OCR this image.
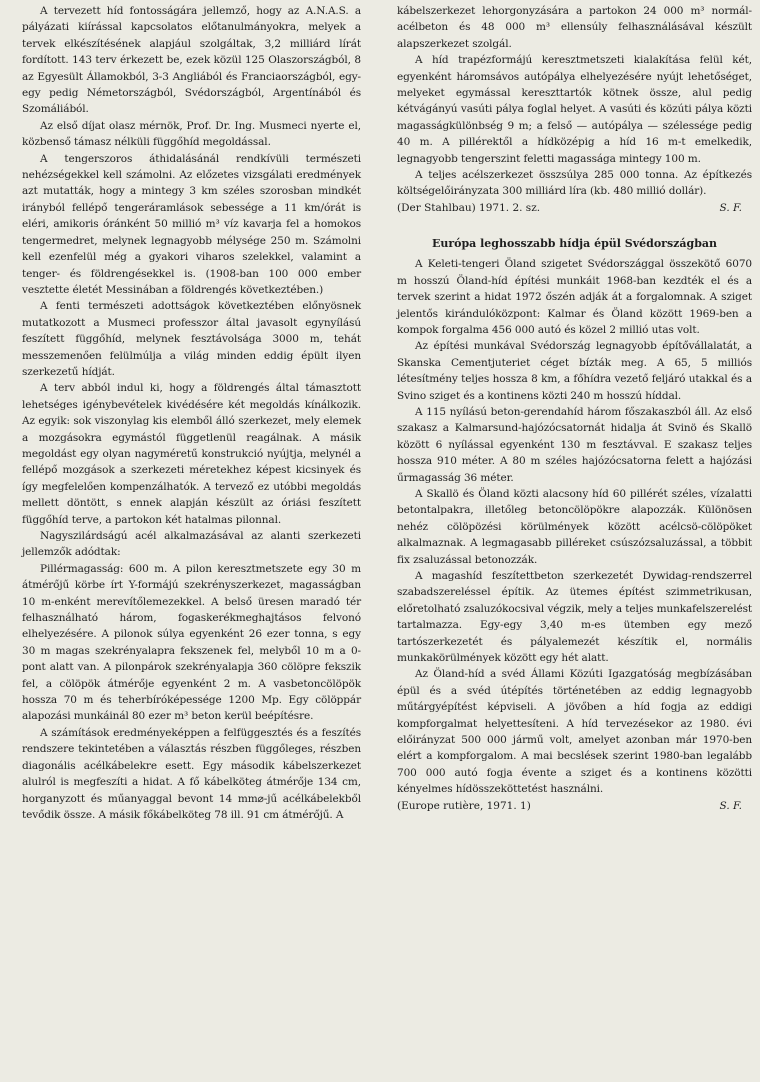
A tervezett híd fontosságára jellemző, hogy az A.N.A.S. a pályázati kiírással kapcsolatos előtanulmányokra, melyek a tervek elkészítésének alapjául szolgáltak, 3,2 milliárd lírát fordított. 143 terv érkezett be, ezek közül 125 Olaszországból, 8 az Egyesült Államokból, 3-3 Angliából és Franciaországból, egy-egy pedig Németországból, Svédországból, Argentínából és Szomáliából.

Az első díjat olasz mérnök, Prof. Dr. Ing. Musmeci nyerte el, közbenső támasz nélküli függőhíd megoldással.

A tengerszoros áthidalásánál rendkívüli természeti nehézségekkel kell számolni. Az előzetes vizsgálati eredmények azt mutatták, hogy a mintegy 3 km széles szorosban mindkét irányból fellépő tengeráramlások sebessége a 11 km/órát is eléri, amikoris óránként 50 millió m³ víz kavarja fel a homokos tengermedret, melynek legnagyobb mélysége 250 m. Számolni kell ezenfelül még a gyakori viharos szelekkel, valamint a tenger- és földrengésekkel is. (1908-ban 100 000 ember vesztette életét Messinában a földrengés következtében.)

A fenti természeti adottságok következtében előnyösnek mutatkozott a Musmeci professzor által javasolt egynyílású feszített függőhíd, melynek fesztávolsága 3000 m, tehát messzemenően felülmúlja a világ minden eddig épült ilyen szerkezetű hídját.

A terv abból indul ki, hogy a földrengés által támasztott lehetséges igénybevételek kivédésére két megoldás kínálkozik. Az egyik: sok viszonylag kis elemből álló szerkezet, mely elemek a mozgásokra egymástól függetlenül reagálnak. A másik megoldást egy olyan nagyméretű konstrukció nyújtja, melynél a fellépő mozgások a szerkezeti méretekhez képest kicsinyek és így megfelelően kompenzálhatók. A tervező ez utóbbi megoldás mellett döntött, s ennek alapján készült az óriási feszített függőhíd terve, a partokon két hatalmas pilonnal.

Nagyszilárdságú acél alkalmazásával az alanti szerkezeti jellemzők adódtak:

Pillérmagasság: 600 m. A pilon keresztmetszete egy 30 m átmérőjű körbe írt Y-formájú szekrényszerkezet, magasságban 10 m-enként merevítőlemezekkel. A belső üresen maradó tér felhasználható három, fogaskerékmeghajtásos felvonó elhelyezésére. A pilonok súlya egyenként 26 ezer tonna, s egy 30 m magas szekrényalapra fekszenek fel, melyből 10 m a 0-pont alatt van. A pilonpárok szekrényalapja 360 cölöpre fekszik fel, a cölöpök átmérője egyenként 2 m. A vasbetoncölöpök hossza 70 m és teherbíróképessége 1200 Mp. Egy cölöppár alapozási munkáinál 80 ezer m³ beton kerül beépítésre.

A számítások eredményeképpen a felfüggesztés és a feszítés rendszere tekintetében a választás részben függőleges, részben diagonális acélkábelekre esett. Egy második kábelszerkezet alulról is megfeszíti a hidat. A fő kábelköteg átmérője 134 cm, horganyzott és műanyaggal bevont 14 mm⌀-jű acélkábelekből tevődik össze. A másik főkábelköteg 78 ill. 91 cm átmérőjű. A

kábelszerkezet lehorgonyzására a partokon 24 000 m³ normál-acélbeton és 48 000 m³ ellensúly felhasználásával készült alapszerkezet szolgál.

A híd trapézformájú keresztmetszeti kialakítása felül két, egyenként háromsávos autópálya elhelyezésére nyújt lehetőséget, melyeket egymással kereszttartók kötnek össze, alul pedig kétvágányú vasúti pálya foglal helyet. A vasúti és közúti pálya közti magasságkülönbség 9 m; a felső — autópálya — szélessége pedig 40 m. A pillérektől a hídközépig a híd 16 m-t emelkedik, legnagyobb tengerszint feletti magassága mintegy 100 m.

A teljes acélszerkezet összsúlya 285 000 tonna. Az építkezés költségelőirányzata 300 milliárd líra (kb. 480 millió dollár).

(Der Stahlbau) 1971. 2. sz.	S. F.
Európa leghosszabb hídja épül Svédországban

A Keleti-tengeri Öland szigetet Svédországgal összekötő 6070 m hosszú Öland-híd építési munkáit 1968-ban kezdték el és a tervek szerint a hidat 1972 őszén adják át a forgalomnak. A sziget jelentős kirándulóközpont: Kalmar és Öland között 1969-ben a kompok forgalma 456 000 autó és közel 2 millió utas volt.

Az építési munkával Svédország legnagyobb építővállalatát, a Skanska Cementjuteriet céget bízták meg. A 65, 5 milliós létesítmény teljes hossza 8 km, a főhídra vezető feljáró utakkal és a Svino sziget és a kontinens közti 240 m hosszú híddal.

A 115 nyílású beton-gerendahíd három főszakaszból áll. Az első szakasz a Kalmarsund-hajózócsatornát hidalja át Svinö és Skallö között 6 nyílással egyenként 130 m fesztávval. E szakasz teljes hossza 910 méter. A 80 m széles hajózócsatorna felett a hajózási űrmagasság 36 méter.

A Skallö és Öland közti alacsony híd 60 pillérét széles, vízalatti betontalpakra, illetőleg betoncölöpökre alapozzák. Különösen nehéz cölöpözési körülmények között acélcsö-cölöpöket alkalmaznak. A legmagasabb pilléreket csúszózsaluzással, a többit fix zsaluzással betonozzák.

A magashíd feszítettbeton szerkezetét Dywidag-rendszerrel szabadszereléssel építik. Az ütemes építést szimmetrikusan, előretolható zsaluzókocsival végzik, mely a teljes munkafelszerelést tartalmazza. Egy-egy 3,40 m-es ütemben egy mező tartószerkezetét és pályalemezét készítik el, normális munkakörülmények között egy hét alatt.

Az Öland-híd a svéd Állami Közúti Igazgatóság megbízásában épül és a svéd útépítés történetében az eddig legnagyobb műtárgyépítést képviseli. A jövőben a híd fogja az eddigi kompforgalmat helyettesíteni. A híd tervezésekor az 1980. évi előirányzat 500 000 jármű volt, amelyet azonban már 1970-ben elért a kompforgalom. A mai becslések szerint 1980-ban legalább 700 000 autó fogja évente a sziget és a kontinens közötti kényelmes hídösszeköttetést használni.

(Europe rutière, 1971. 1)	S. F.
